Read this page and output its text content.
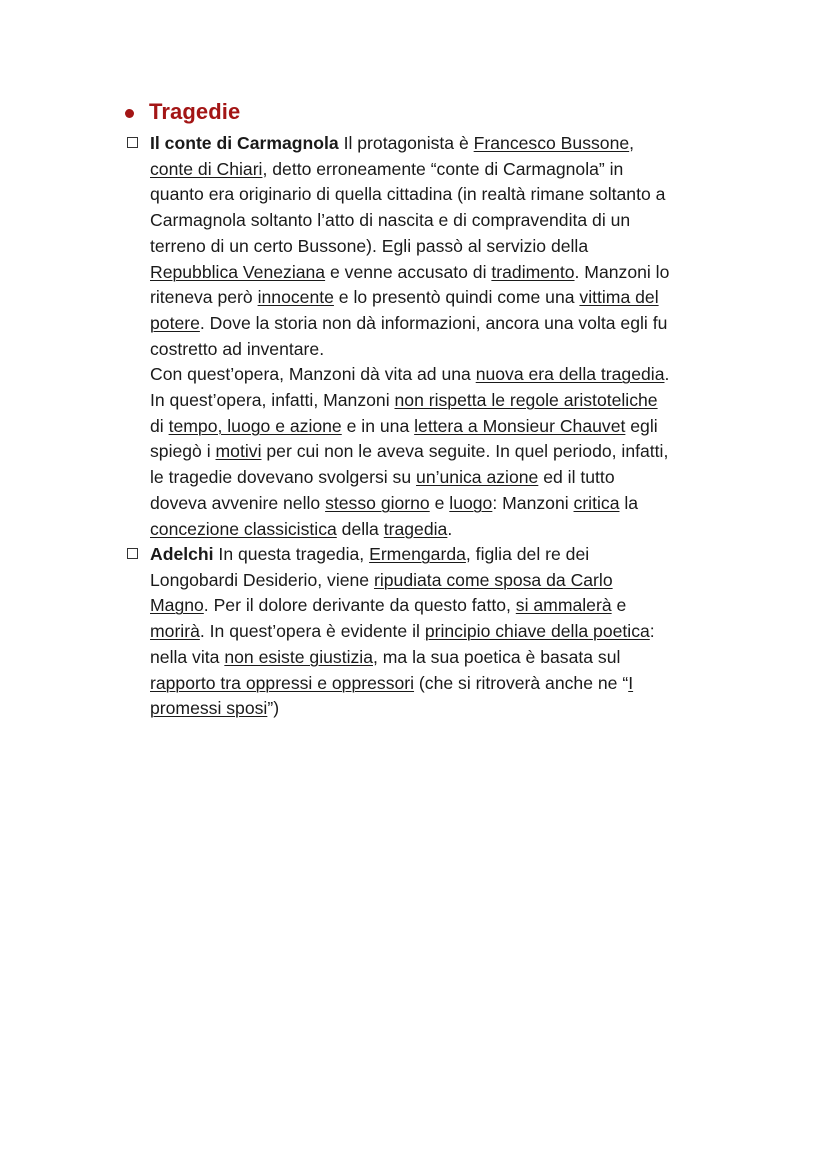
Tragedie
Il conte di Carmagnola Il protagonista è Francesco Bussone,
conte di Chiari, detto erroneamente “conte di Carmagnola” in
quanto era originario di quella cittadina (in realtà rimane soltanto a
Carmagnola soltanto l’atto di nascita e di compravendita di un
terreno di un certo Bussone). Egli passò al servizio della
Repubblica Veneziana e venne accusato di tradimento. Manzoni lo
riteneva però innocente e lo presentò quindi come una vittima del
potere. Dove la storia non dà informazioni, ancora una volta egli fu
costretto ad inventare.
Con quest’opera, Manzoni dà vita ad una nuova era della tragedia.
In quest’opera, infatti, Manzoni non rispetta le regole aristoteliche
di tempo, luogo e azione e in una lettera a Monsieur Chauvet egli
spiegò i motivi per cui non le aveva seguite. In quel periodo, infatti,
le tragedie dovevano svolgersi su un’unica azione ed il tutto
doveva avvenire nello stesso giorno e luogo: Manzoni critica la
concezione classicistica della tragedia.
Adelchi In questa tragedia, Ermengarda, figlia del re dei
Longobardi Desiderio, viene ripudiata come sposa da Carlo
Magno. Per il dolore derivante da questo fatto, si ammalerà e
morirà. In quest’opera è evidente il principio chiave della poetica:
nella vita non esiste giustizia, ma la sua poetica è basata sul
rapporto tra oppressi e oppressori (che si ritroverà anche ne “I
promessi sposi”)
